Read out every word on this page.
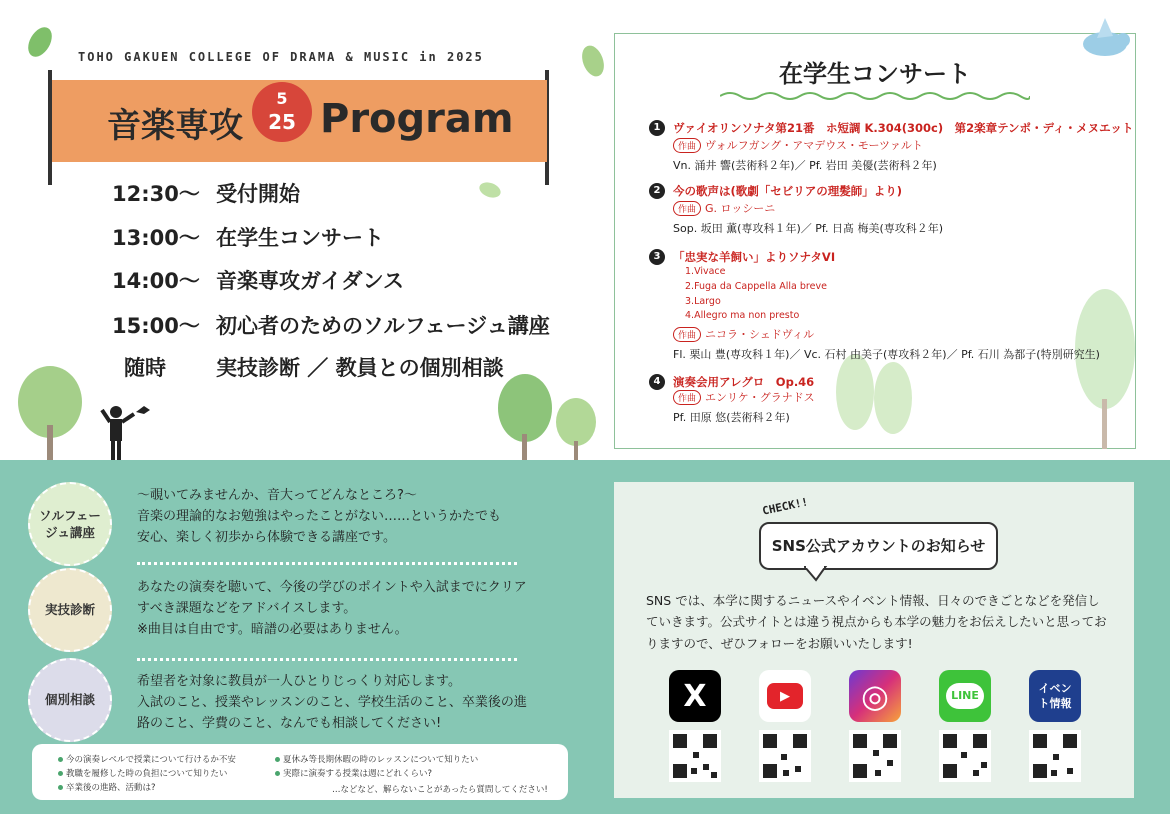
TOHO GAKUEN COLLEGE OF DRAMA & MUSIC in 2025
音楽専攻
5
25 Program
12:30〜 受付開始
13:00〜 在学生コンサート
14:00〜 音楽専攻ガイダンス
15:00〜 初心者のためのソルフェージュ講座
随時 実技診断 ／ 教員との個別相談
在学生コンサート
1	ヴァイオリンソナタ第21番　ホ短調 K.304(300c)　第2楽章テンポ・ディ・メヌエット
作曲 ヴォルフガング・アマデウス・モーツァルト
Vn. 涌井 響(芸術科２年)／ Pf. 岩田 美優(芸術科２年)
2	今の歌声は(歌劇「セビリアの理髪師」より)
作曲 G. ロッシーニ
Sop. 坂田 薫(専攻科１年)／ Pf. 日髙 梅美(専攻科２年)
3	「忠実な羊飼い」よりソナタVI
1.Vivace
2.Fuga da Cappella Alla breve
3.Largo
4.Allegro ma non presto
作曲 ニコラ・シェドヴィル
Fl. 栗山 豊(専攻科１年)／ Vc. 石村 由美子(専攻科２年)／ Pf. 石川 為都子(特別研究生)
4	演奏会用アレグロ　Op.46
作曲 エンリケ・グラナドス
Pf. 田原 悠(芸術科２年)
ソルフェージュ講座
〜覗いてみませんか、音大ってどんなところ?〜
音楽の理論的なお勉強はやったことがない……というかたでも
安心、楽しく初歩から体験できる講座です。
実技診断
あなたの演奏を聴いて、今後の学びのポイントや入試までにクリアすべき課題などをアドバイスします。
※曲目は自由です。暗譜の必要はありません。
個別相談
希望者を対象に教員が一人ひとりじっくり対応します。
入試のこと、授業やレッスンのこと、学校生活のこと、卒業後の進路のこと、学費のこと、なんでも相談してください!
今の演奏レベルで授業について行けるか不安
教職を履修した時の負担について知りたい
卒業後の進路、活動は?
夏休み等長期休暇の時のレッスンについて知りたい
実際に演奏する授業は週にどれくらい?
…などなど、解らないことがあったら質問してください!
CHECK!!
SNS公式アカウントのお知らせ
SNS では、本学に関するニュースやイベント情報、日々のできごとなどを発信していきます。公式サイトとは違う視点からも本学の魅力をお伝えしたいと思っておりますので、ぜひフォローをお願いいたします!
X	▶ ◎	LINE
イベント情報
